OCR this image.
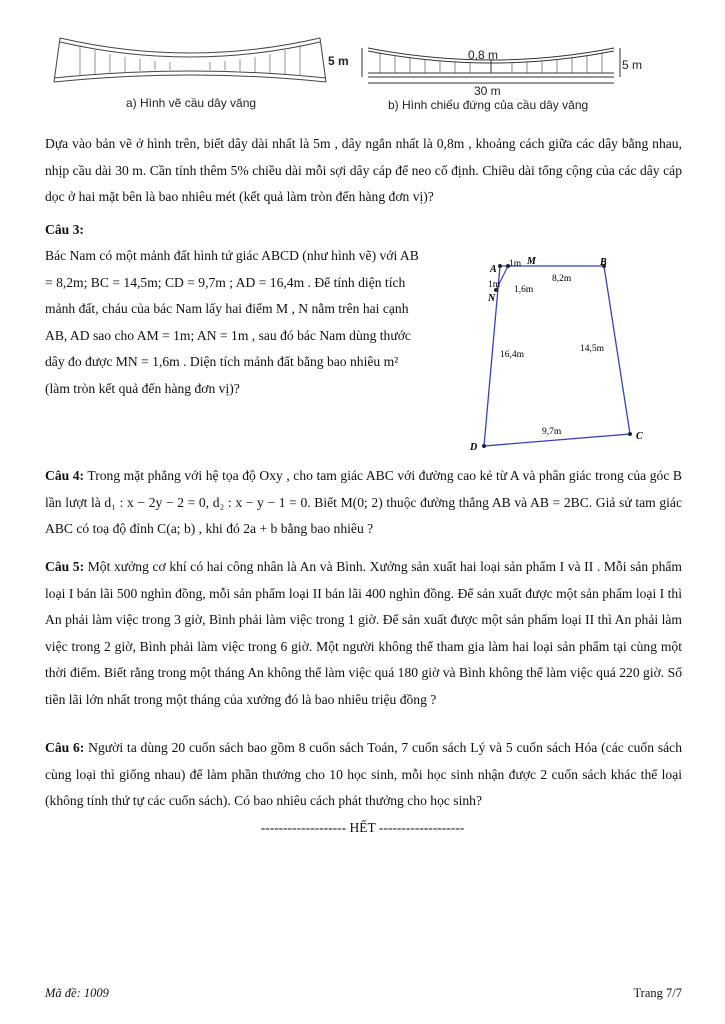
5 m	0,8 m
5 m
30 m
a) Hình vẽ cầu dây văng	b) Hình chiếu đứng của cầu dây văng
Dựa vào bản vẽ ở hình trên, biết dây dài nhất là 5m , dây ngắn nhất là 0,8m , khoảng cách giữa các dây bằng nhau, nhịp cầu dài 30 m. Cần tính thêm 5% chiều dài mỗi sợi dây cáp để neo cố định. Chiều dài tổng cộng của các dây cáp dọc ở hai mặt bên là bao nhiêu mét (kết quả làm tròn đến hàng đơn vị)?
Câu 3:
Bác Nam có một mảnh đất hình tứ giác ABCD (như hình vẽ) với AB = 8,2m; BC = 14,5m; CD = 9,7m ; AD = 16,4m . Để tính diện tích mảnh đất, cháu của bác Nam lấy hai điểm M , N nằm trên hai cạnh AB, AD sao cho AM = 1m; AN = 1m , sau đó bác Nam dùng thước dây đo được MN = 1,6m . Diện tích mảnh đất bằng bao nhiêu m² (làm tròn kết quả đến hàng đơn vị)?
A
M	B
N
C
D
1m
1m 1,6m
8,2m
14,5m
16,4m
9,7m
Câu 4: Trong mặt phẳng với hệ tọa độ Oxy , cho tam giác ABC với đường cao kẻ từ A và phân giác trong của góc B lần lượt là d₁ : x − 2y − 2 = 0, d₂ : x − y − 1 = 0. Biết M(0; 2) thuộc đường thẳng AB và AB = 2BC. Giả sử tam giác ABC có toạ độ đỉnh C(a; b) , khi đó 2a + b bằng bao nhiêu ?
Câu 5: Một xưởng cơ khí có hai công nhân là An và Bình. Xưởng sản xuất hai loại sản phẩm I và II . Mỗi sản phẩm loại I bán lãi 500 nghìn đồng, mỗi sản phẩm loại II bán lãi 400 nghìn đồng. Để sản xuất được một sản phẩm loại I thì An phải làm việc trong 3 giờ, Bình phải làm việc trong 1 giờ. Để sản xuất được một sản phẩm loại II thì An phải làm việc trong 2 giờ, Bình phải làm việc trong 6 giờ. Một người không thể tham gia làm hai loại sản phẩm tại cùng một thời điểm. Biết rằng trong một tháng An không thể làm việc quá 180 giờ và Bình không thể làm việc quá 220 giờ. Số tiền lãi lớn nhất trong một tháng của xưởng đó là bao nhiêu triệu đồng ?
Câu 6: Người ta dùng 20 cuốn sách bao gồm 8 cuốn sách Toán, 7 cuốn sách Lý và 5 cuốn sách Hóa (các cuốn sách cùng loại thì giống nhau) để làm phần thưởng cho 10 học sinh, mỗi học sinh nhận được 2 cuốn sách khác thể loại (không tính thứ tự các cuốn sách). Có bao nhiêu cách phát thưởng cho học sinh?
------------------- HẾT -------------------
Mã đề: 1009	Trang 7/7
